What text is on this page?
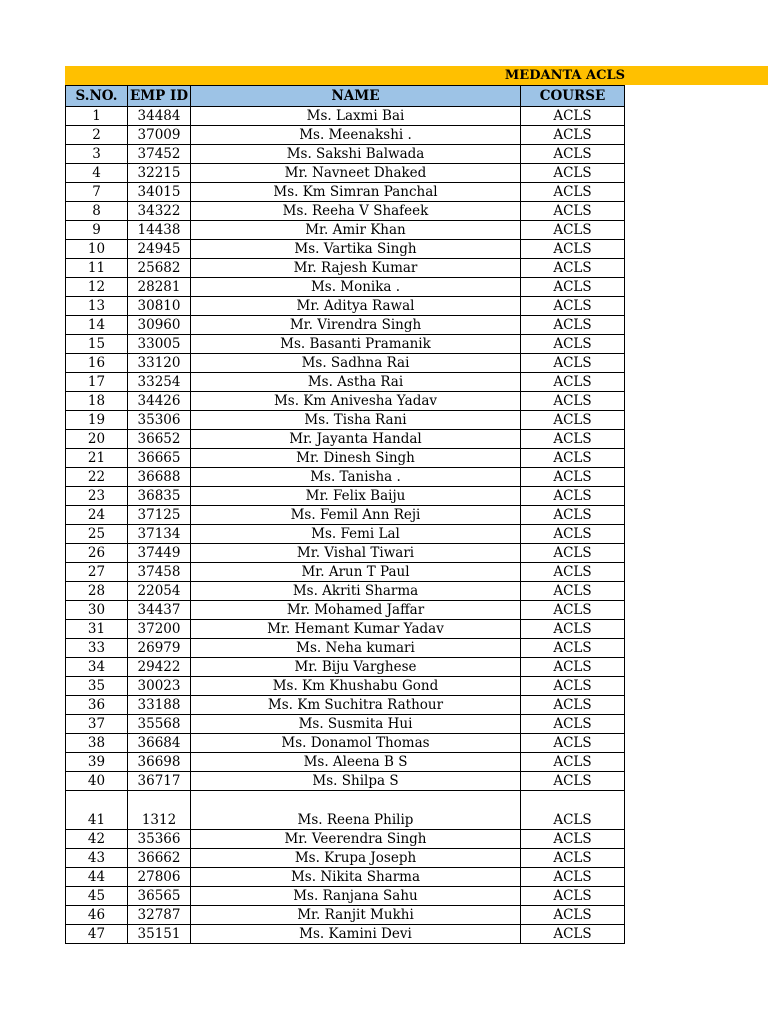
MEDANTA ACLS
S.NO.	EMP ID	NAME	COURSE
1	34484	Ms. Laxmi Bai	ACLS
2	37009	Ms. Meenakshi .	ACLS
3	37452	Ms. Sakshi Balwada	ACLS
4	32215	Mr. Navneet Dhaked	ACLS
7	34015	Ms. Km Simran Panchal	ACLS
8	34322	Ms. Reeha V Shafeek	ACLS
9	14438	Mr. Amir Khan	ACLS
10	24945	Ms. Vartika Singh	ACLS
11	25682	Mr. Rajesh Kumar	ACLS
12	28281	Ms. Monika .	ACLS
13	30810	Mr. Aditya Rawal	ACLS
14	30960	Mr. Virendra Singh	ACLS
15	33005	Ms. Basanti Pramanik	ACLS
16	33120	Ms. Sadhna Rai	ACLS
17	33254	Ms. Astha Rai	ACLS
18	34426	Ms. Km Anivesha Yadav	ACLS
19	35306	Ms. Tisha Rani	ACLS
20	36652	Mr. Jayanta Handal	ACLS
21	36665	Mr. Dinesh Singh	ACLS
22	36688	Ms. Tanisha .	ACLS
23	36835	Mr. Felix Baiju	ACLS
24	37125	Ms. Femil Ann Reji	ACLS
25	37134	Ms. Femi Lal	ACLS
26	37449	Mr. Vishal Tiwari	ACLS
27	37458	Mr. Arun T Paul	ACLS
28	22054	Ms. Akriti Sharma	ACLS
30	34437	Mr. Mohamed Jaffar	ACLS
31	37200	Mr. Hemant Kumar Yadav	ACLS
33	26979	Ms. Neha kumari	ACLS
34	29422	Mr. Biju Varghese	ACLS
35	30023	Ms. Km Khushabu Gond	ACLS
36	33188	Ms. Km Suchitra Rathour	ACLS
37	35568	Ms. Susmita Hui	ACLS
38	36684	Ms. Donamol Thomas	ACLS
39	36698	Ms. Aleena B S	ACLS
40	36717	Ms. Shilpa S	ACLS
41	1312	Ms. Reena Philip	ACLS
42	35366	Mr. Veerendra Singh	ACLS
43	36662	Ms. Krupa Joseph	ACLS
44	27806	Ms. Nikita Sharma	ACLS
45	36565	Ms. Ranjana Sahu	ACLS
46	32787	Mr. Ranjit Mukhi	ACLS
47	35151	Ms. Kamini Devi	ACLS
